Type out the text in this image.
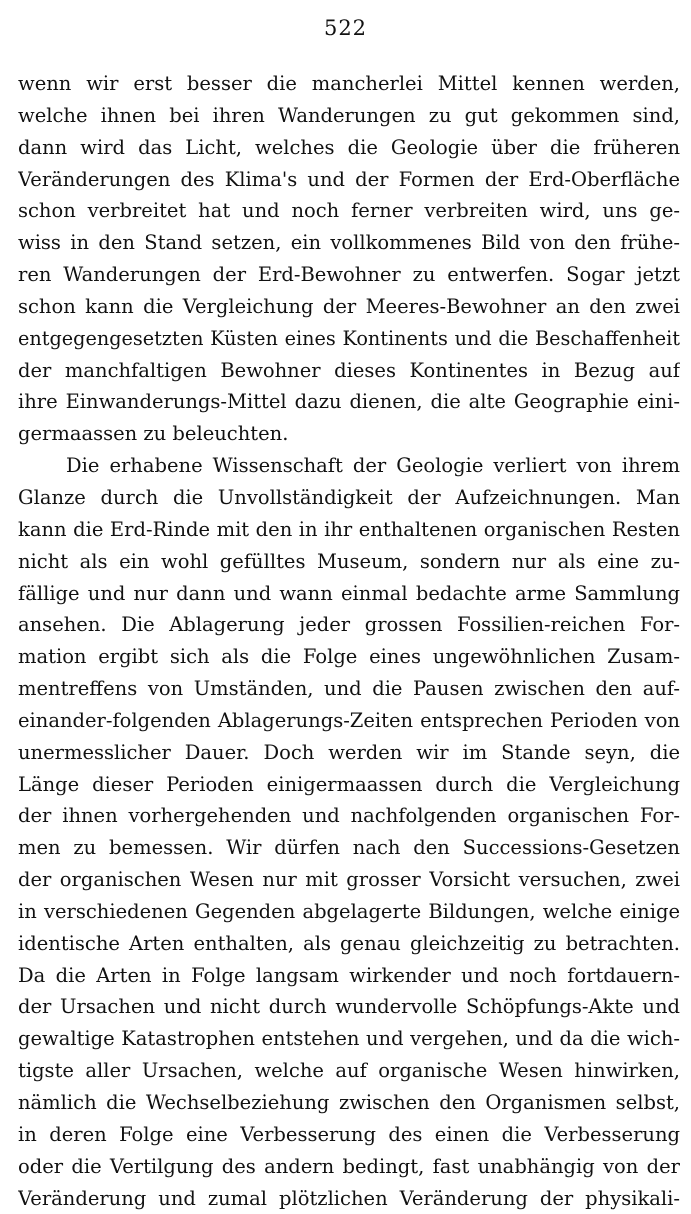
522
wenn wir erst besser die mancherlei Mittel kennen werden,
welche ihnen bei ihren Wanderungen zu gut gekommen sind,
dann wird das Licht, welches die Geologie über die früheren
Veränderungen des Klima's und der Formen der Erd-Oberfläche
schon verbreitet hat und noch ferner verbreiten wird, uns ge-
wiss in den Stand setzen, ein vollkommenes Bild von den frühe-
ren Wanderungen der Erd-Bewohner zu entwerfen. Sogar jetzt
schon kann die Vergleichung der Meeres-Bewohner an den zwei
entgegengesetzten Küsten eines Kontinents und die Beschaffenheit
der manchfaltigen Bewohner dieses Kontinentes in Bezug auf
ihre Einwanderungs-Mittel dazu dienen, die alte Geographie eini-
germaassen zu beleuchten.
Die erhabene Wissenschaft der Geologie verliert von ihrem
Glanze durch die Unvollständigkeit der Aufzeichnungen. Man
kann die Erd-Rinde mit den in ihr enthaltenen organischen Resten
nicht als ein wohl gefülltes Museum, sondern nur als eine zu-
fällige und nur dann und wann einmal bedachte arme Sammlung
ansehen. Die Ablagerung jeder grossen Fossilien-reichen For-
mation ergibt sich als die Folge eines ungewöhnlichen Zusam-
mentreffens von Umständen, und die Pausen zwischen den auf-
einander-folgenden Ablagerungs-Zeiten entsprechen Perioden von
unermesslicher Dauer. Doch werden wir im Stande seyn, die
Länge dieser Perioden einigermaassen durch die Vergleichung
der ihnen vorhergehenden und nachfolgenden organischen For-
men zu bemessen. Wir dürfen nach den Successions-Gesetzen
der organischen Wesen nur mit grosser Vorsicht versuchen, zwei
in verschiedenen Gegenden abgelagerte Bildungen, welche einige
identische Arten enthalten, als genau gleichzeitig zu betrachten.
Da die Arten in Folge langsam wirkender und noch fortdauern-
der Ursachen und nicht durch wundervolle Schöpfungs-Akte und
gewaltige Katastrophen entstehen und vergehen, und da die wich-
tigste aller Ursachen, welche auf organische Wesen hinwirken,
nämlich die Wechselbeziehung zwischen den Organismen selbst,
in deren Folge eine Verbesserung des einen die Verbesserung
oder die Vertilgung des andern bedingt, fast unabhängig von der
Veränderung und zumal plötzlichen Veränderung der physikali-
